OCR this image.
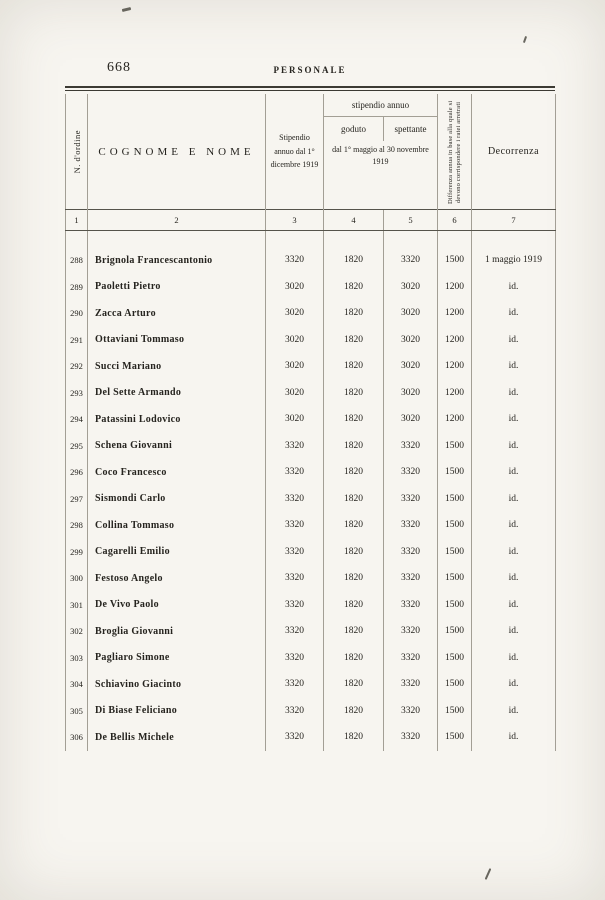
668	PERSONALE
N. d'ordine	COGNOME E NOME	Stipendio annuo dal 1° dicembre 1919	stipendio annuo		Differenza annua in base alla quale si devono corrispondere i ratei arretrati	Decorrenza
			goduto	spettante		
			dal 1° maggio al 30 novembre 1919			
1	2	3	4	5	6	7
288	Brignola Francescantonio	3320	1820	3320	1500	1 maggio 1919
289	Paoletti Pietro	3020	1820	3020	1200	id.
290	Zacca Arturo	3020	1820	3020	1200	id.
291	Ottaviani Tommaso	3020	1820	3020	1200	id.
292	Succi Mariano	3020	1820	3020	1200	id.
293	Del Sette Armando	3020	1820	3020	1200	id.
294	Patassini Lodovico	3020	1820	3020	1200	id.
295	Schena Giovanni	3320	1820	3320	1500	id.
296	Coco Francesco	3320	1820	3320	1500	id.
297	Sismondi Carlo	3320	1820	3320	1500	id.
298	Collina Tommaso	3320	1820	3320	1500	id.
299	Cagarelli Emilio	3320	1820	3320	1500	id.
300	Festoso Angelo	3320	1820	3320	1500	id.
301	De Vivo Paolo	3320	1820	3320	1500	id.
302	Broglia Giovanni	3320	1820	3320	1500	id.
303	Pagliaro Simone	3320	1820	3320	1500	id.
304	Schiavino Giacinto	3320	1820	3320	1500	id.
305	Di Biase Feliciano	3320	1820	3320	1500	id.
306	De Bellis Michele	3320	1820	3320	1500	id.
